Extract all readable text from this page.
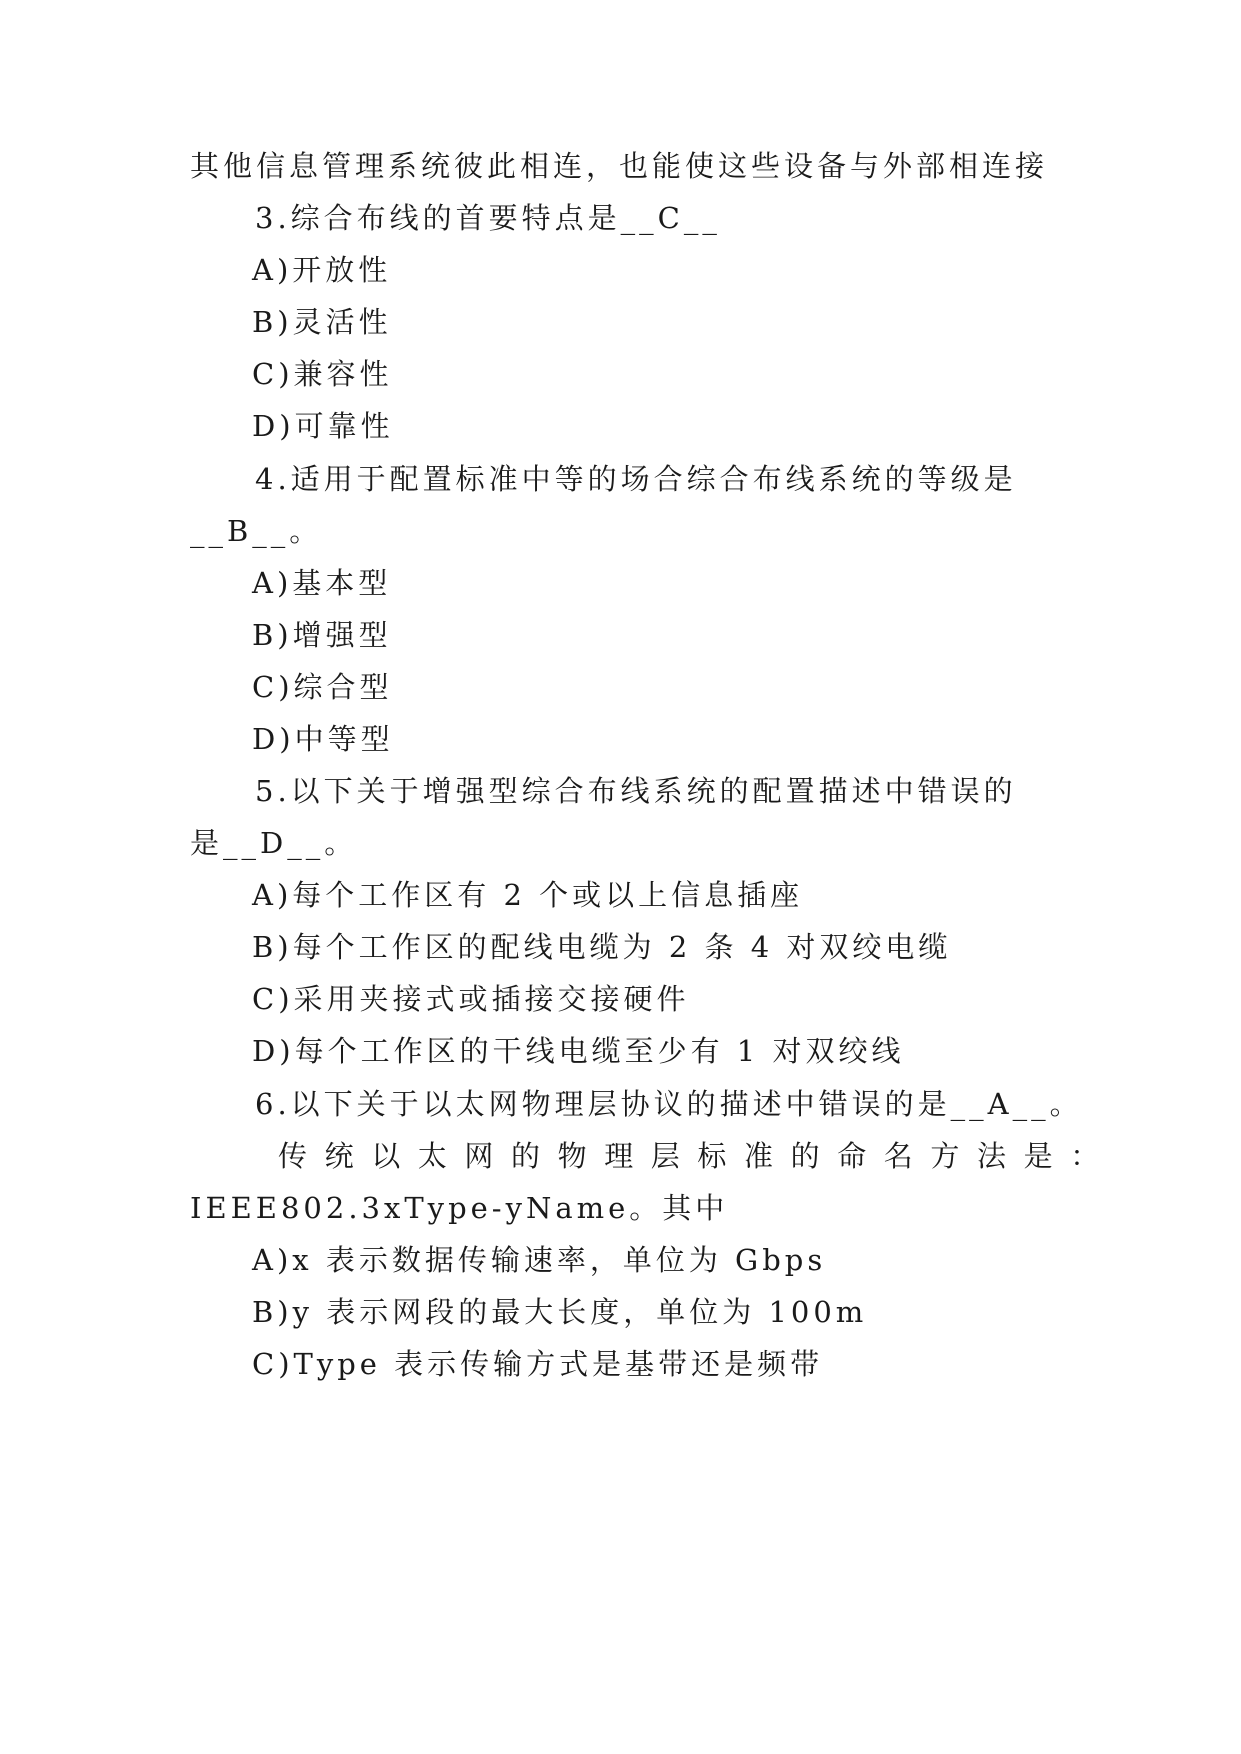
其他信息管理系统彼此相连，也能使这些设备与外部相连接
3.综合布线的首要特点是__C__
A)开放性
B)灵活性
C)兼容性
D)可靠性
4.适用于配置标准中等的场合综合布线系统的等级是
__B__。
A)基本型
B)增强型
C)综合型
D)中等型
5.以下关于增强型综合布线系统的配置描述中错误的
是__D__。
A)每个工作区有 2 个或以上信息插座
B)每个工作区的配线电缆为 2 条 4 对双绞电缆
C)采用夹接式或插接交接硬件
D)每个工作区的干线电缆至少有 1 对双绞线
6.以下关于以太网物理层协议的描述中错误的是__A__。
传统以太网的物理层标准的命名方法是：
IEEE802.3xType-yName。其中
A)x 表示数据传输速率，单位为 Gbps
B)y 表示网段的最大长度，单位为 100m
C)Type 表示传输方式是基带还是频带
